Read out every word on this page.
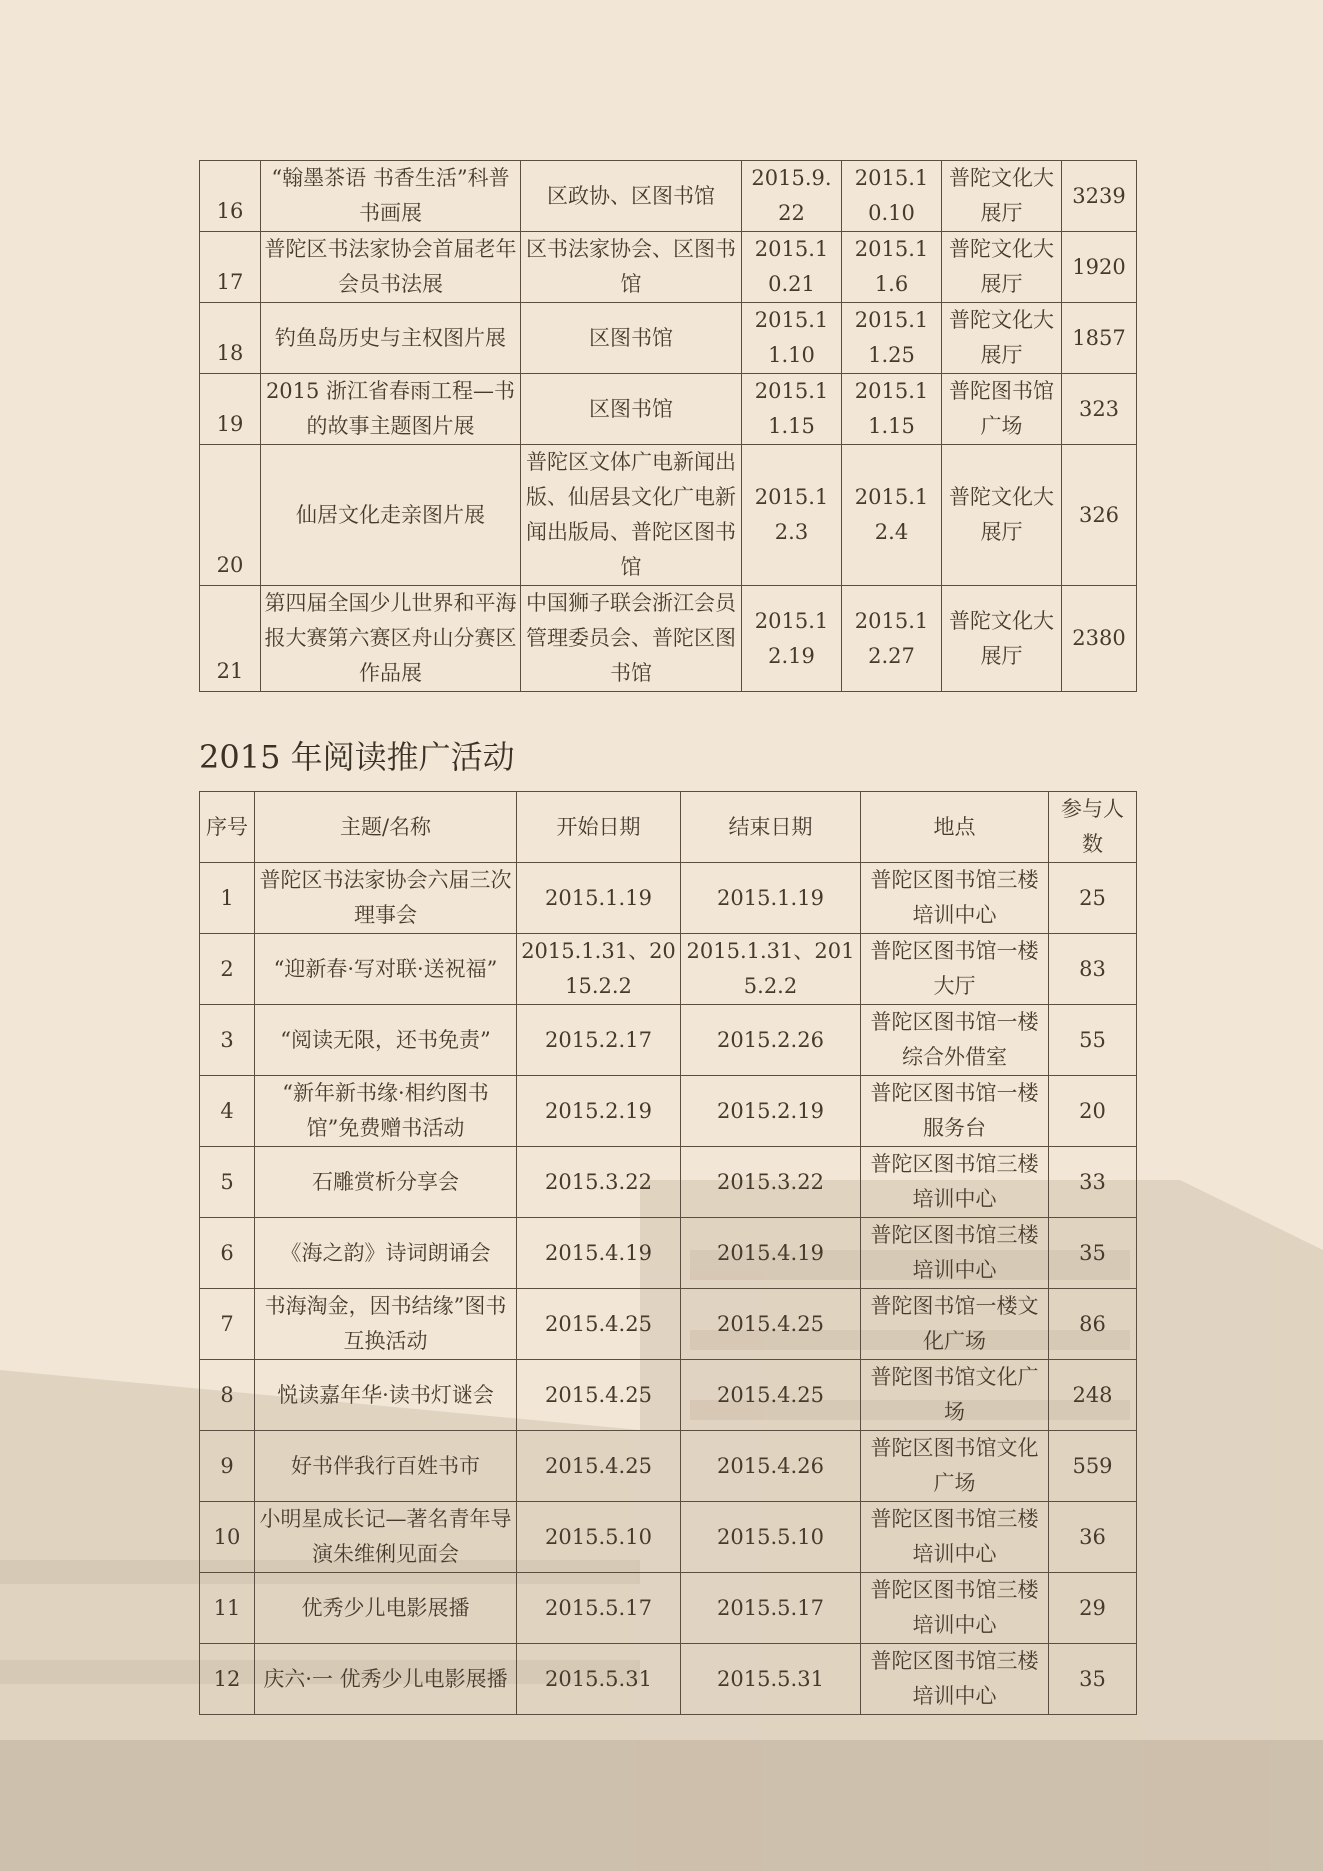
16	“翰墨茶语 书香生活”科普书画展	区政协、区图书馆	2015.9.22	2015.10.10	普陀文化大展厅	3239
17	普陀区书法家协会首届老年会员书法展	区书法家协会、区图书馆	2015.10.21	2015.11.6	普陀文化大展厅	1920
18	钓鱼岛历史与主权图片展	区图书馆	2015.11.10	2015.11.25	普陀文化大展厅	1857
19	2015 浙江省春雨工程—书的故事主题图片展	区图书馆	2015.11.15	2015.11.15	普陀图书馆广场	323
20	仙居文化走亲图片展	普陀区文体广电新闻出版、仙居县文化广电新闻出版局、普陀区图书馆	2015.12.3	2015.12.4	普陀文化大展厅	326
21	第四届全国少儿世界和平海报大赛第六赛区舟山分赛区作品展	中国狮子联会浙江会员管理委员会、普陀区图书馆	2015.12.19	2015.12.27	普陀文化大展厅	2380
2015 年阅读推广活动
序号	主题/名称	开始日期	结束日期	地点	参与人数
1	普陀区书法家协会六届三次理事会	2015.1.19	2015.1.19	普陀区图书馆三楼培训中心	25
2	“迎新春·写对联·送祝福”	2015.1.31、2015.2.2	2015.1.31、2015.2.2	普陀区图书馆一楼大厅	83
3	“阅读无限，还书免责”	2015.2.17	2015.2.26	普陀区图书馆一楼综合外借室	55
4	“新年新书缘·相约图书馆”免费赠书活动	2015.2.19	2015.2.19	普陀区图书馆一楼服务台	20
5	石雕赏析分享会	2015.3.22	2015.3.22	普陀区图书馆三楼培训中心	33
6	《海之韵》诗词朗诵会	2015.4.19	2015.4.19	普陀区图书馆三楼培训中心	35
7	书海淘金，因书结缘”图书互换活动	2015.4.25	2015.4.25	普陀图书馆一楼文化广场	86
8	悦读嘉年华·读书灯谜会	2015.4.25	2015.4.25	普陀图书馆文化广场	248
9	好书伴我行百姓书市	2015.4.25	2015.4.26	普陀区图书馆文化广场	559
10	小明星成长记—著名青年导演朱维俐见面会	2015.5.10	2015.5.10	普陀区图书馆三楼培训中心	36
11	优秀少儿电影展播	2015.5.17	2015.5.17	普陀区图书馆三楼培训中心	29
12	庆六·一 优秀少儿电影展播	2015.5.31	2015.5.31	普陀区图书馆三楼培训中心	35
